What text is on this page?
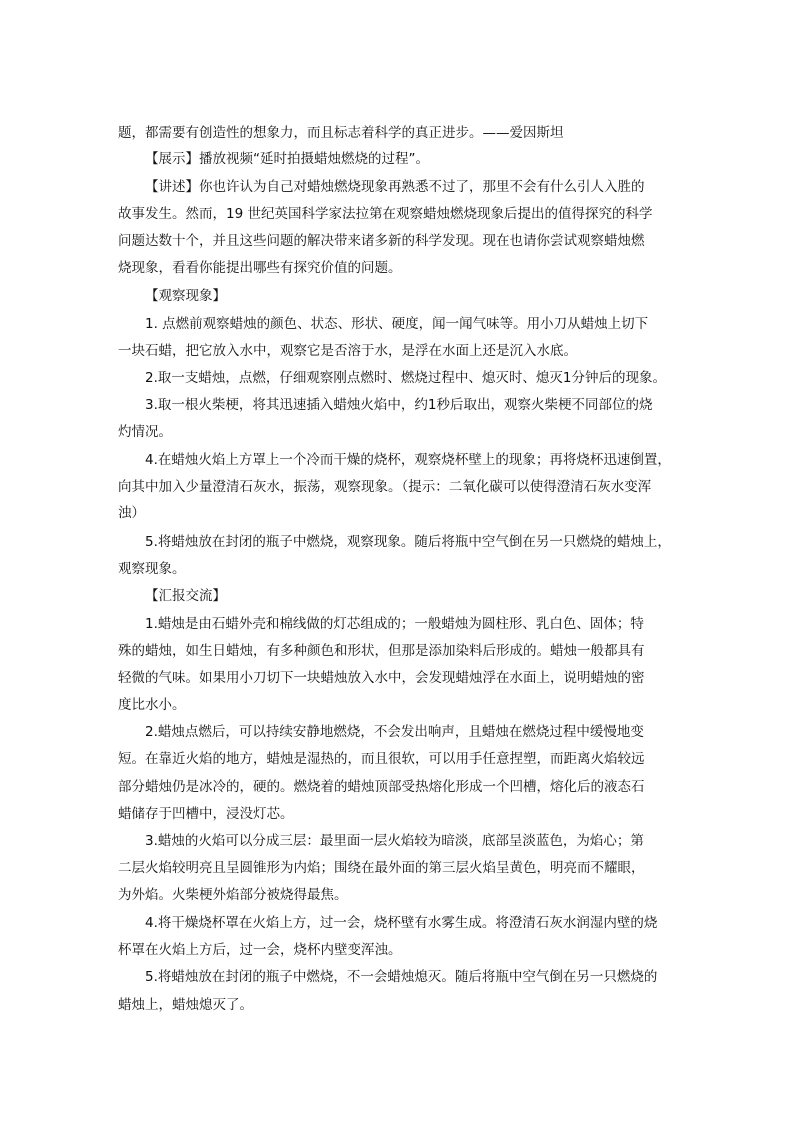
题，都需要有创造性的想象力，而且标志着科学的真正进步。——爱因斯坦
【展示】播放视频“延时拍摄蜡烛燃烧的过程”。
【讲述】你也许认为自己对蜡烛燃烧现象再熟悉不过了，那里不会有什么引人入胜的
故事发生。然而，19 世纪英国科学家法拉第在观察蜡烛燃烧现象后提出的值得探究的科学
问题达数十个，并且这些问题的解决带来诸多新的科学发现。现在也请你尝试观察蜡烛燃
烧现象，看看你能提出哪些有探究价值的问题。
【观察现象】
1. 点燃前观察蜡烛的颜色、状态、形状、硬度，闻一闻气味等。用小刀从蜡烛上切下
一块石蜡，把它放入水中，观察它是否溶于水，是浮在水面上还是沉入水底。
2.取一支蜡烛，点燃，仔细观察刚点燃时、燃烧过程中、熄灭时、熄灭1分钟后的现象。
3.取一根火柴梗，将其迅速插入蜡烛火焰中，约1秒后取出，观察火柴梗不同部位的烧
灼情况。
4.在蜡烛火焰上方罩上一个冷而干燥的烧杯，观察烧杯壁上的现象；再将烧杯迅速倒置，
向其中加入少量澄清石灰水，振荡，观察现象。（提示：二氧化碳可以使得澄清石灰水变浑
浊）
5.将蜡烛放在封闭的瓶子中燃烧，观察现象。随后将瓶中空气倒在另一只燃烧的蜡烛上，
观察现象。
【汇报交流】
1.蜡烛是由石蜡外壳和棉线做的灯芯组成的；一般蜡烛为圆柱形、乳白色、固体；特
殊的蜡烛，如生日蜡烛，有多种颜色和形状，但那是添加染料后形成的。蜡烛一般都具有
轻微的气味。如果用小刀切下一块蜡烛放入水中，会发现蜡烛浮在水面上，说明蜡烛的密
度比水小。
2.蜡烛点燃后，可以持续安静地燃烧，不会发出响声，且蜡烛在燃烧过程中缓慢地变
短。在靠近火焰的地方，蜡烛是湿热的，而且很软，可以用手任意捏塑，而距离火焰较远
部分蜡烛仍是冰冷的，硬的。燃烧着的蜡烛顶部受热熔化形成一个凹槽，熔化后的液态石
蜡储存于凹槽中，浸没灯芯。
3.蜡烛的火焰可以分成三层：最里面一层火焰较为暗淡，底部呈淡蓝色，为焰心；第
二层火焰较明亮且呈圆锥形为内焰；围绕在最外面的第三层火焰呈黄色，明亮而不耀眼，
为外焰。火柴梗外焰部分被烧得最焦。
4.将干燥烧杯罩在火焰上方，过一会，烧杯壁有水雾生成。将澄清石灰水润湿内壁的烧
杯罩在火焰上方后，过一会，烧杯内壁变浑浊。
5.将蜡烛放在封闭的瓶子中燃烧，不一会蜡烛熄灭。随后将瓶中空气倒在另一只燃烧的
蜡烛上，蜡烛熄灭了。
